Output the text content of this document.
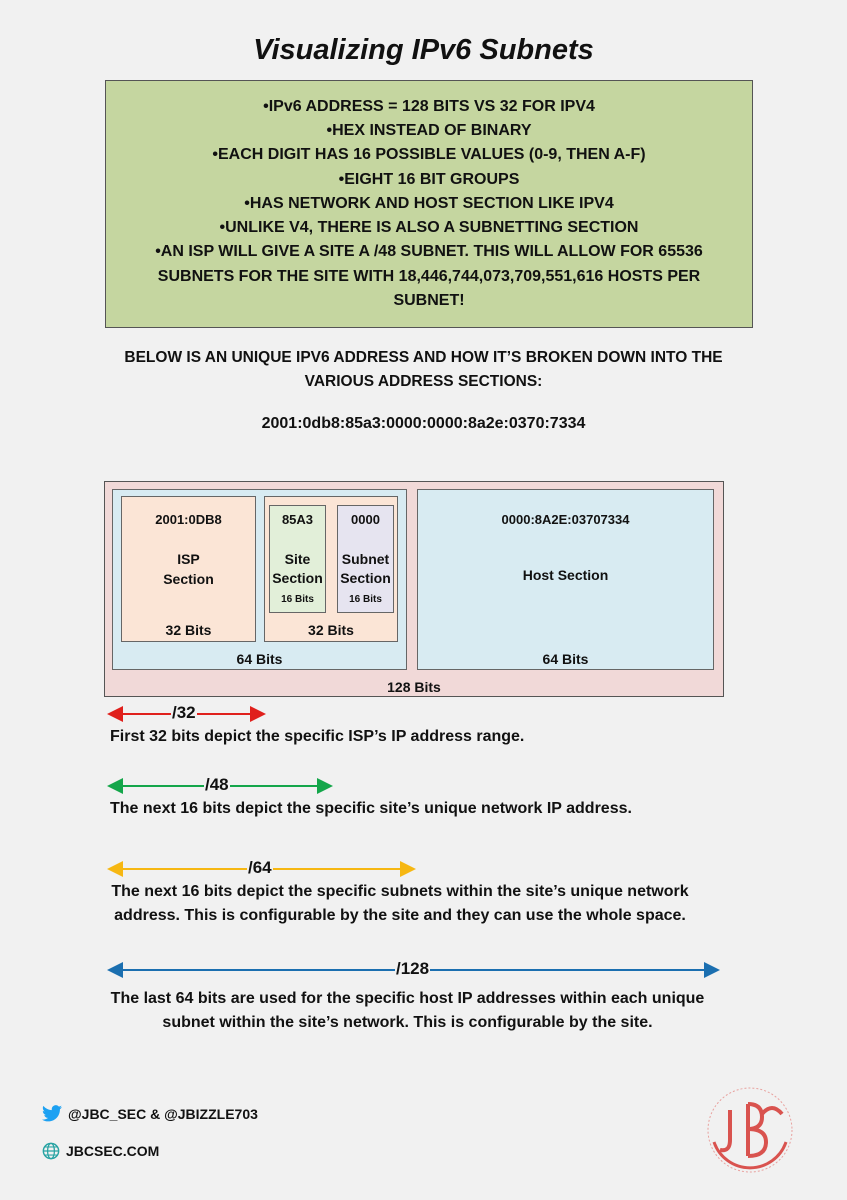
Visualizing IPv6 Subnets
• IPv6 ADDRESS = 128 BITS VS 32 FOR IPV4
• HEX INSTEAD OF BINARY
• EACH DIGIT HAS 16 POSSIBLE VALUES (0-9, THEN A-F)
• EIGHT 16 BIT GROUPS
• HAS NETWORK AND HOST SECTION LIKE IPV4
• UNLIKE V4, THERE IS ALSO A SUBNETTING SECTION
• AN ISP WILL GIVE A SITE A /48 SUBNET. THIS WILL ALLOW FOR 65536 SUBNETS FOR THE SITE WITH 18,446,744,073,709,551,616 HOSTS PER SUBNET!
BELOW IS AN UNIQUE IPV6 ADDRESS AND HOW IT’S BROKEN DOWN INTO THE VARIOUS ADDRESS SECTIONS:
2001:0db8:85a3:0000:0000:8a2e:0370:7334
2001:0DB8
ISP
Section
32 Bits
85A3
Site
Section
16 Bits
0000
Subnet
Section
16 Bits
32 Bits
64 Bits
0000:8A2E:03707334
Host Section
64 Bits
128 Bits
/32
/48
/64
/128
First 32 bits depict the specific ISP’s IP address range.
The next 16 bits depict the specific site’s unique network IP address.
The next 16 bits depict the specific subnets within the site’s unique network address. This is configurable by the site and they can use the whole space.
The last 64 bits are used for the specific host IP addresses within each unique subnet within the site’s network. This is configurable by the site.
@JBC_SEC & @JBIZZLE703
JBCSEC.COM
